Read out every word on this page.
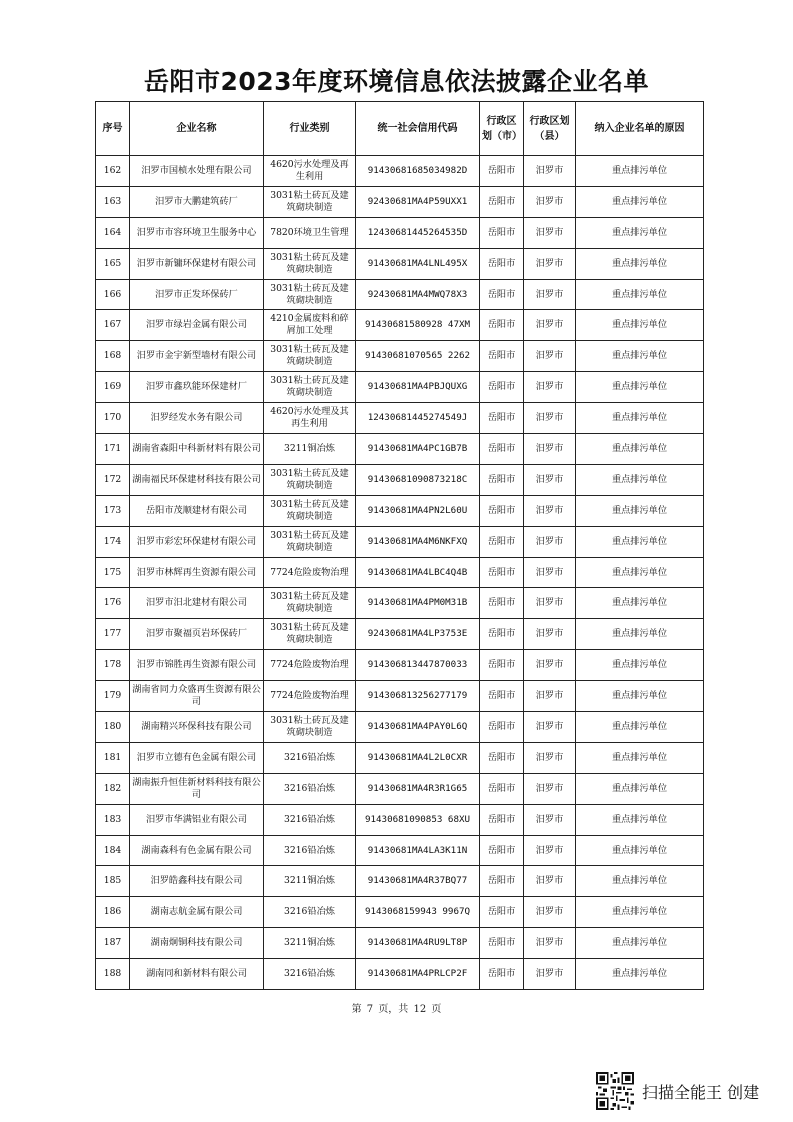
岳阳市2023年度环境信息依法披露企业名单
序号	企业名称	行业类别	统一社会信用代码	行政区划（市）	行政区划（县）	纳入企业名单的原因
162	汨罗市国桢水处理有限公司	4620污水处理及再生利用	91430681685034982D	岳阳市	汨罗市	重点排污单位
163	汨罗市大鹏建筑砖厂	3031粘土砖瓦及建筑砌块制造	92430681MA4P59UXX1	岳阳市	汨罗市	重点排污单位
164	汨罗市市容环境卫生服务中心	7820环境卫生管理	12430681445264535D	岳阳市	汨罗市	重点排污单位
165	汨罗市新镛环保建材有限公司	3031粘土砖瓦及建筑砌块制造	91430681MA4LNL495X	岳阳市	汨罗市	重点排污单位
166	汨罗市正发环保砖厂	3031粘土砖瓦及建筑砌块制造	92430681MA4MWQ78X3	岳阳市	汨罗市	重点排污单位
167	汨罗市绿岩金属有限公司	4210金属废料和碎屑加工处理	91430681580928 47XM	岳阳市	汨罗市	重点排污单位
168	汨罗市金宇新型墙材有限公司	3031粘土砖瓦及建筑砌块制造	91430681070565 2262	岳阳市	汨罗市	重点排污单位
169	汨罗市鑫玖能环保建材厂	3031粘土砖瓦及建筑砌块制造	91430681MA4PBJQUXG	岳阳市	汨罗市	重点排污单位
170	汨罗经发水务有限公司	4620污水处理及其再生利用	12430681445274549J	岳阳市	汨罗市	重点排污单位
171	湖南省森阳中科新材料有限公司	3211铜冶炼	91430681MA4PC1GB7B	岳阳市	汨罗市	重点排污单位
172	湖南福民环保建材科技有限公司	3031粘土砖瓦及建筑砌块制造	91430681090873218C	岳阳市	汨罗市	重点排污单位
173	岳阳市茂顺建材有限公司	3031粘土砖瓦及建筑砌块制造	91430681MA4PN2L60U	岳阳市	汨罗市	重点排污单位
174	汨罗市彩宏环保建材有限公司	3031粘土砖瓦及建筑砌块制造	91430681MA4M6NKFXQ	岳阳市	汨罗市	重点排污单位
175	汨罗市林辉再生资源有限公司	7724危险废物治理	91430681MA4LBC4Q4B	岳阳市	汨罗市	重点排污单位
176	汨罗市汨北建材有限公司	3031粘土砖瓦及建筑砌块制造	91430681MA4PM0M31B	岳阳市	汨罗市	重点排污单位
177	汨罗市聚福页岩环保砖厂	3031粘土砖瓦及建筑砌块制造	92430681MA4LP3753E	岳阳市	汨罗市	重点排污单位
178	汨罗市锦胜再生资源有限公司	7724危险废物治理	914306813447870033	岳阳市	汨罗市	重点排污单位
179	湖南省同力众盛再生资源有限公司	7724危险废物治理	914306813256277179	岳阳市	汨罗市	重点排污单位
180	湖南精兴环保科技有限公司	3031粘土砖瓦及建筑砌块制造	91430681MA4PAY0L6Q	岳阳市	汨罗市	重点排污单位
181	汨罗市立德有色金属有限公司	3216铅冶炼	91430681MA4L2L0CXR	岳阳市	汨罗市	重点排污单位
182	湖南振升恒佳新材料科技有限公司	3216铅冶炼	91430681MA4R3R1G65	岳阳市	汨罗市	重点排污单位
183	汨罗市华满铝业有限公司	3216铅冶炼	91430681090853 68XU	岳阳市	汨罗市	重点排污单位
184	湖南森科有色金属有限公司	3216铅冶炼	91430681MA4LA3K11N	岳阳市	汨罗市	重点排污单位
185	汨罗皓鑫科技有限公司	3211铜冶炼	91430681MA4R37BQ77	岳阳市	汨罗市	重点排污单位
186	湖南志航金属有限公司	3216铅冶炼	9143068159943 9967Q	岳阳市	汨罗市	重点排污单位
187	湖南炯铜科技有限公司	3211铜冶炼	91430681MA4RU9LT8P	岳阳市	汨罗市	重点排污单位
188	湖南同和新材料有限公司	3216铅冶炼	91430681MA4PRLCP2F	岳阳市	汨罗市	重点排污单位
第 7 页，共 12 页
扫描全能王 创建
